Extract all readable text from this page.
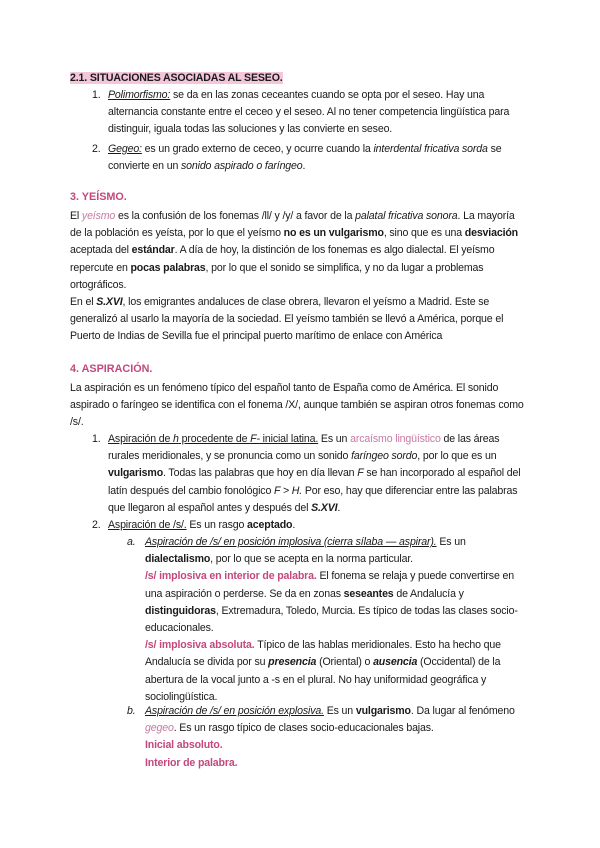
2.1. SITUACIONES ASOCIADAS AL SESEO.
1. Polimorfismo: se da en las zonas ceceantes cuando se opta por el seseo. Hay una alternancia constante entre el ceceo y el seseo. Al no tener competencia lingüística para distinguir, iguala todas las soluciones y las convierte en seseo.
2. Gegeo: es un grado externo de ceceo, y ocurre cuando la interdental fricativa sorda se convierte en un sonido aspirado o faríngeo.
3. YEÍSMO.
El yeísmo es la confusión de los fonemas /ll/ y /y/ a favor de la palatal fricativa sonora. La mayoría de la población es yeísta, por lo que el yeísmo no es un vulgarismo, sino que es una desviación aceptada del estándar. A día de hoy, la distinción de los fonemas es algo dialectal. El yeísmo repercute en pocas palabras, por lo que el sonido se simplifica, y no da lugar a problemas ortográficos.
En el S.XVI, los emigrantes andaluces de clase obrera, llevaron el yeísmo a Madrid. Este se generalizó al usarlo la mayoría de la sociedad. El yeísmo también se llevó a América, porque el Puerto de Indias de Sevilla fue el principal puerto marítimo de enlace con América
4. ASPIRACIÓN.
La aspiración es un fenómeno típico del español tanto de España como de América. El sonido aspirado o faríngeo se identifica con el fonema /X/, aunque también se aspiran otros fonemas como /s/.
1. Aspiración de h procedente de F- inicial latina. Es un arcaísmo lingüístico de las áreas rurales meridionales, y se pronuncia como un sonido faríngeo sordo, por lo que es un vulgarismo. Todas las palabras que hoy en día llevan F se han incorporado al español del latín después del cambio fonológico F > H. Por eso, hay que diferenciar entre las palabras que llegaron al español antes y después del S.XVI.
2. Aspiración de /s/. Es un rasgo aceptado.
a. Aspiración de /s/ en posición implosiva (cierra sílaba — aspirar). Es un dialectalismo, por lo que se acepta en la norma particular.

/s/ implosiva en interior de palabra. El fonema se relaja y puede convertirse en una aspiración o perderse. Se da en zonas seseantes de Andalucía y distinguidoras, Extremadura, Toledo, Murcia. Es típico de todas las clases socio-educacionales.

/s/ implosiva absoluta. Típico de las hablas meridionales. Esto ha hecho que Andalucía se divida por su presencia (Oriental) o ausencia (Occidental) de la abertura de la vocal junto a -s en el plural. No hay uniformidad geográfica y sociolingüística.

b. Aspiración de /s/ en posición explosiva. Es un vulgarismo. Da lugar al fenómeno gegeo. Es un rasgo típico de clases socio-educacionales bajas.

Inicial absoluto.

Interior de palabra.
